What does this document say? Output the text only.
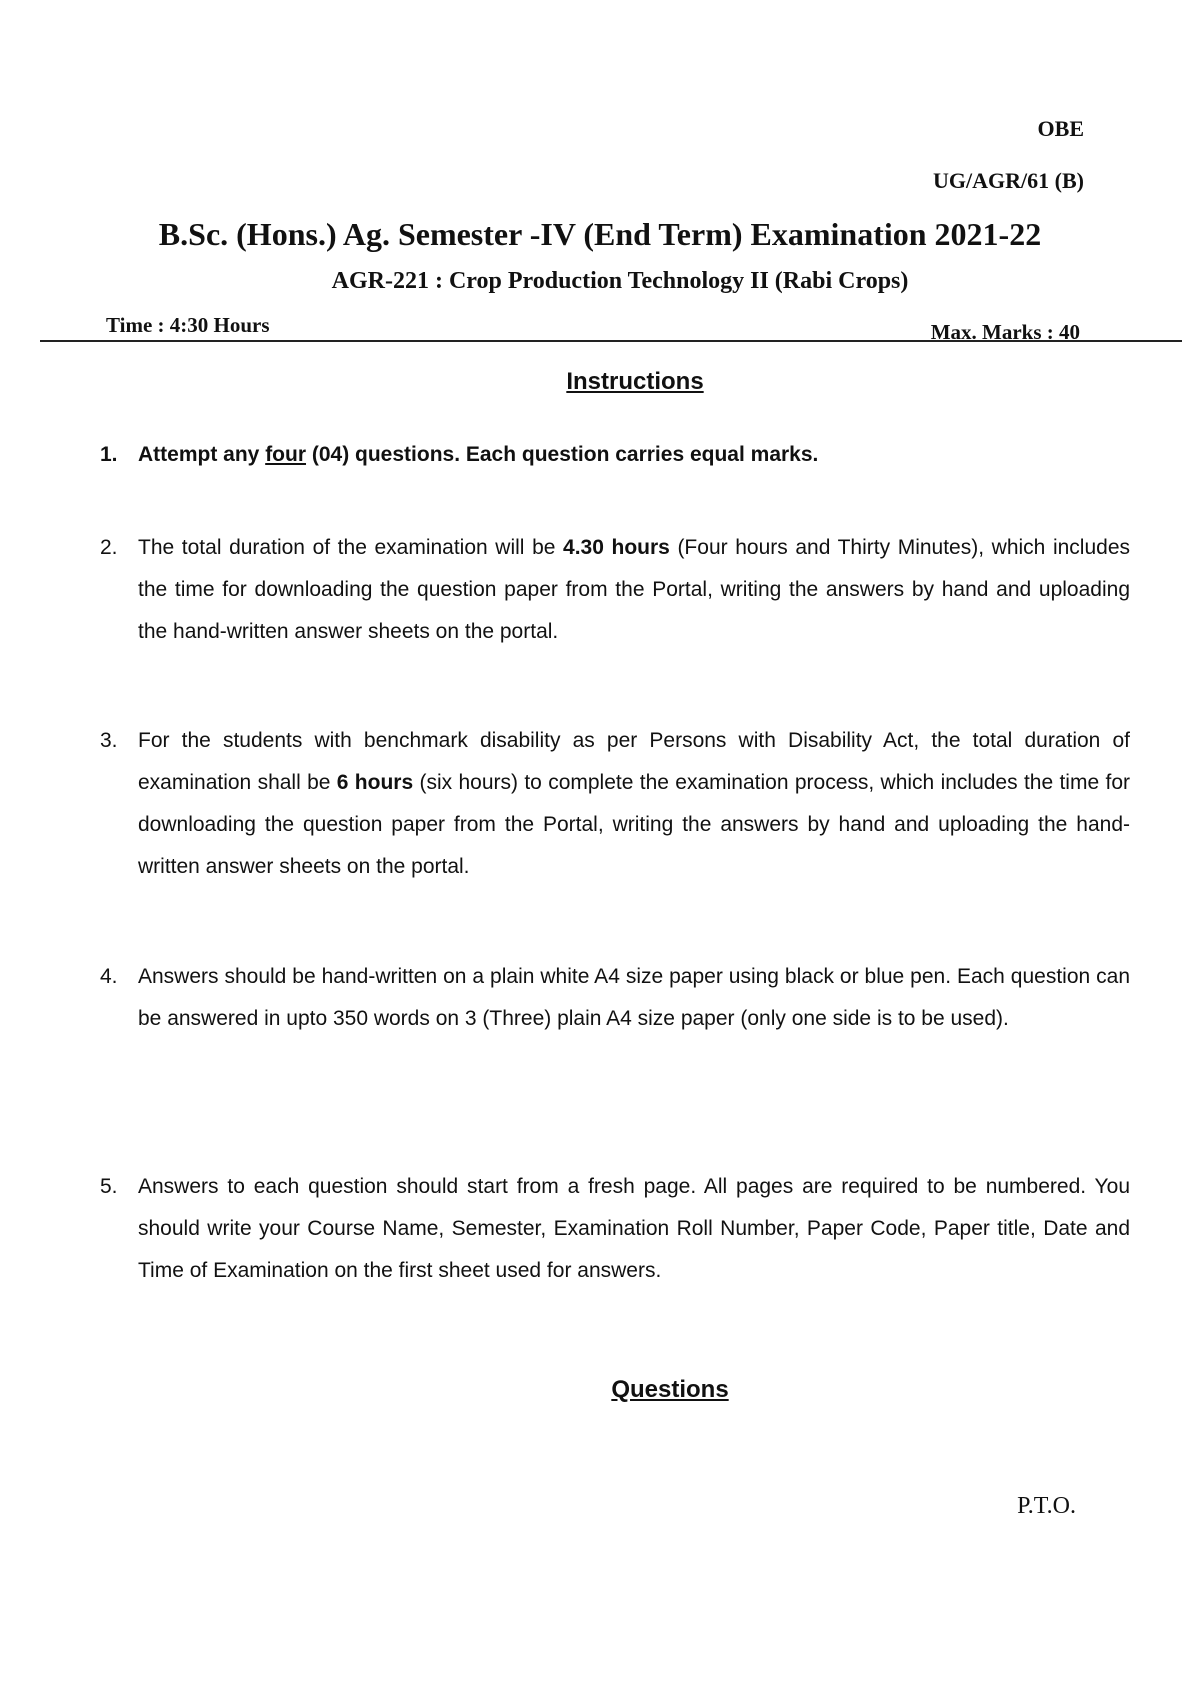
OBE
UG/AGR/61 (B)
B.Sc. (Hons.) Ag. Semester -IV (End Term) Examination 2021-22
AGR-221 : Crop Production Technology II (Rabi Crops)
Time : 4:30 Hours	Max. Marks : 40
Instructions
1. Attempt any four (04) questions. Each question carries equal marks.
2. The total duration of the examination will be 4.30 hours (Four hours and Thirty Minutes), which includes the time for downloading the question paper from the Portal, writing the answers by hand and uploading the hand-written answer sheets on the portal.
3. For the students with benchmark disability as per Persons with Disability Act, the total duration of examination shall be 6 hours (six hours) to complete the examination process, which includes the time for downloading the question paper from the Portal, writing the answers by hand and uploading the hand-written answer sheets on the portal.
4. Answers should be hand-written on a plain white A4 size paper using black or blue pen. Each question can be answered in upto 350 words on 3 (Three) plain A4 size paper (only one side is to be used).
5. Answers to each question should start from a fresh page. All pages are required to be numbered. You should write your Course Name, Semester, Examination Roll Number, Paper Code, Paper title, Date and Time of Examination on the first sheet used for answers.
Questions
P.T.O.
